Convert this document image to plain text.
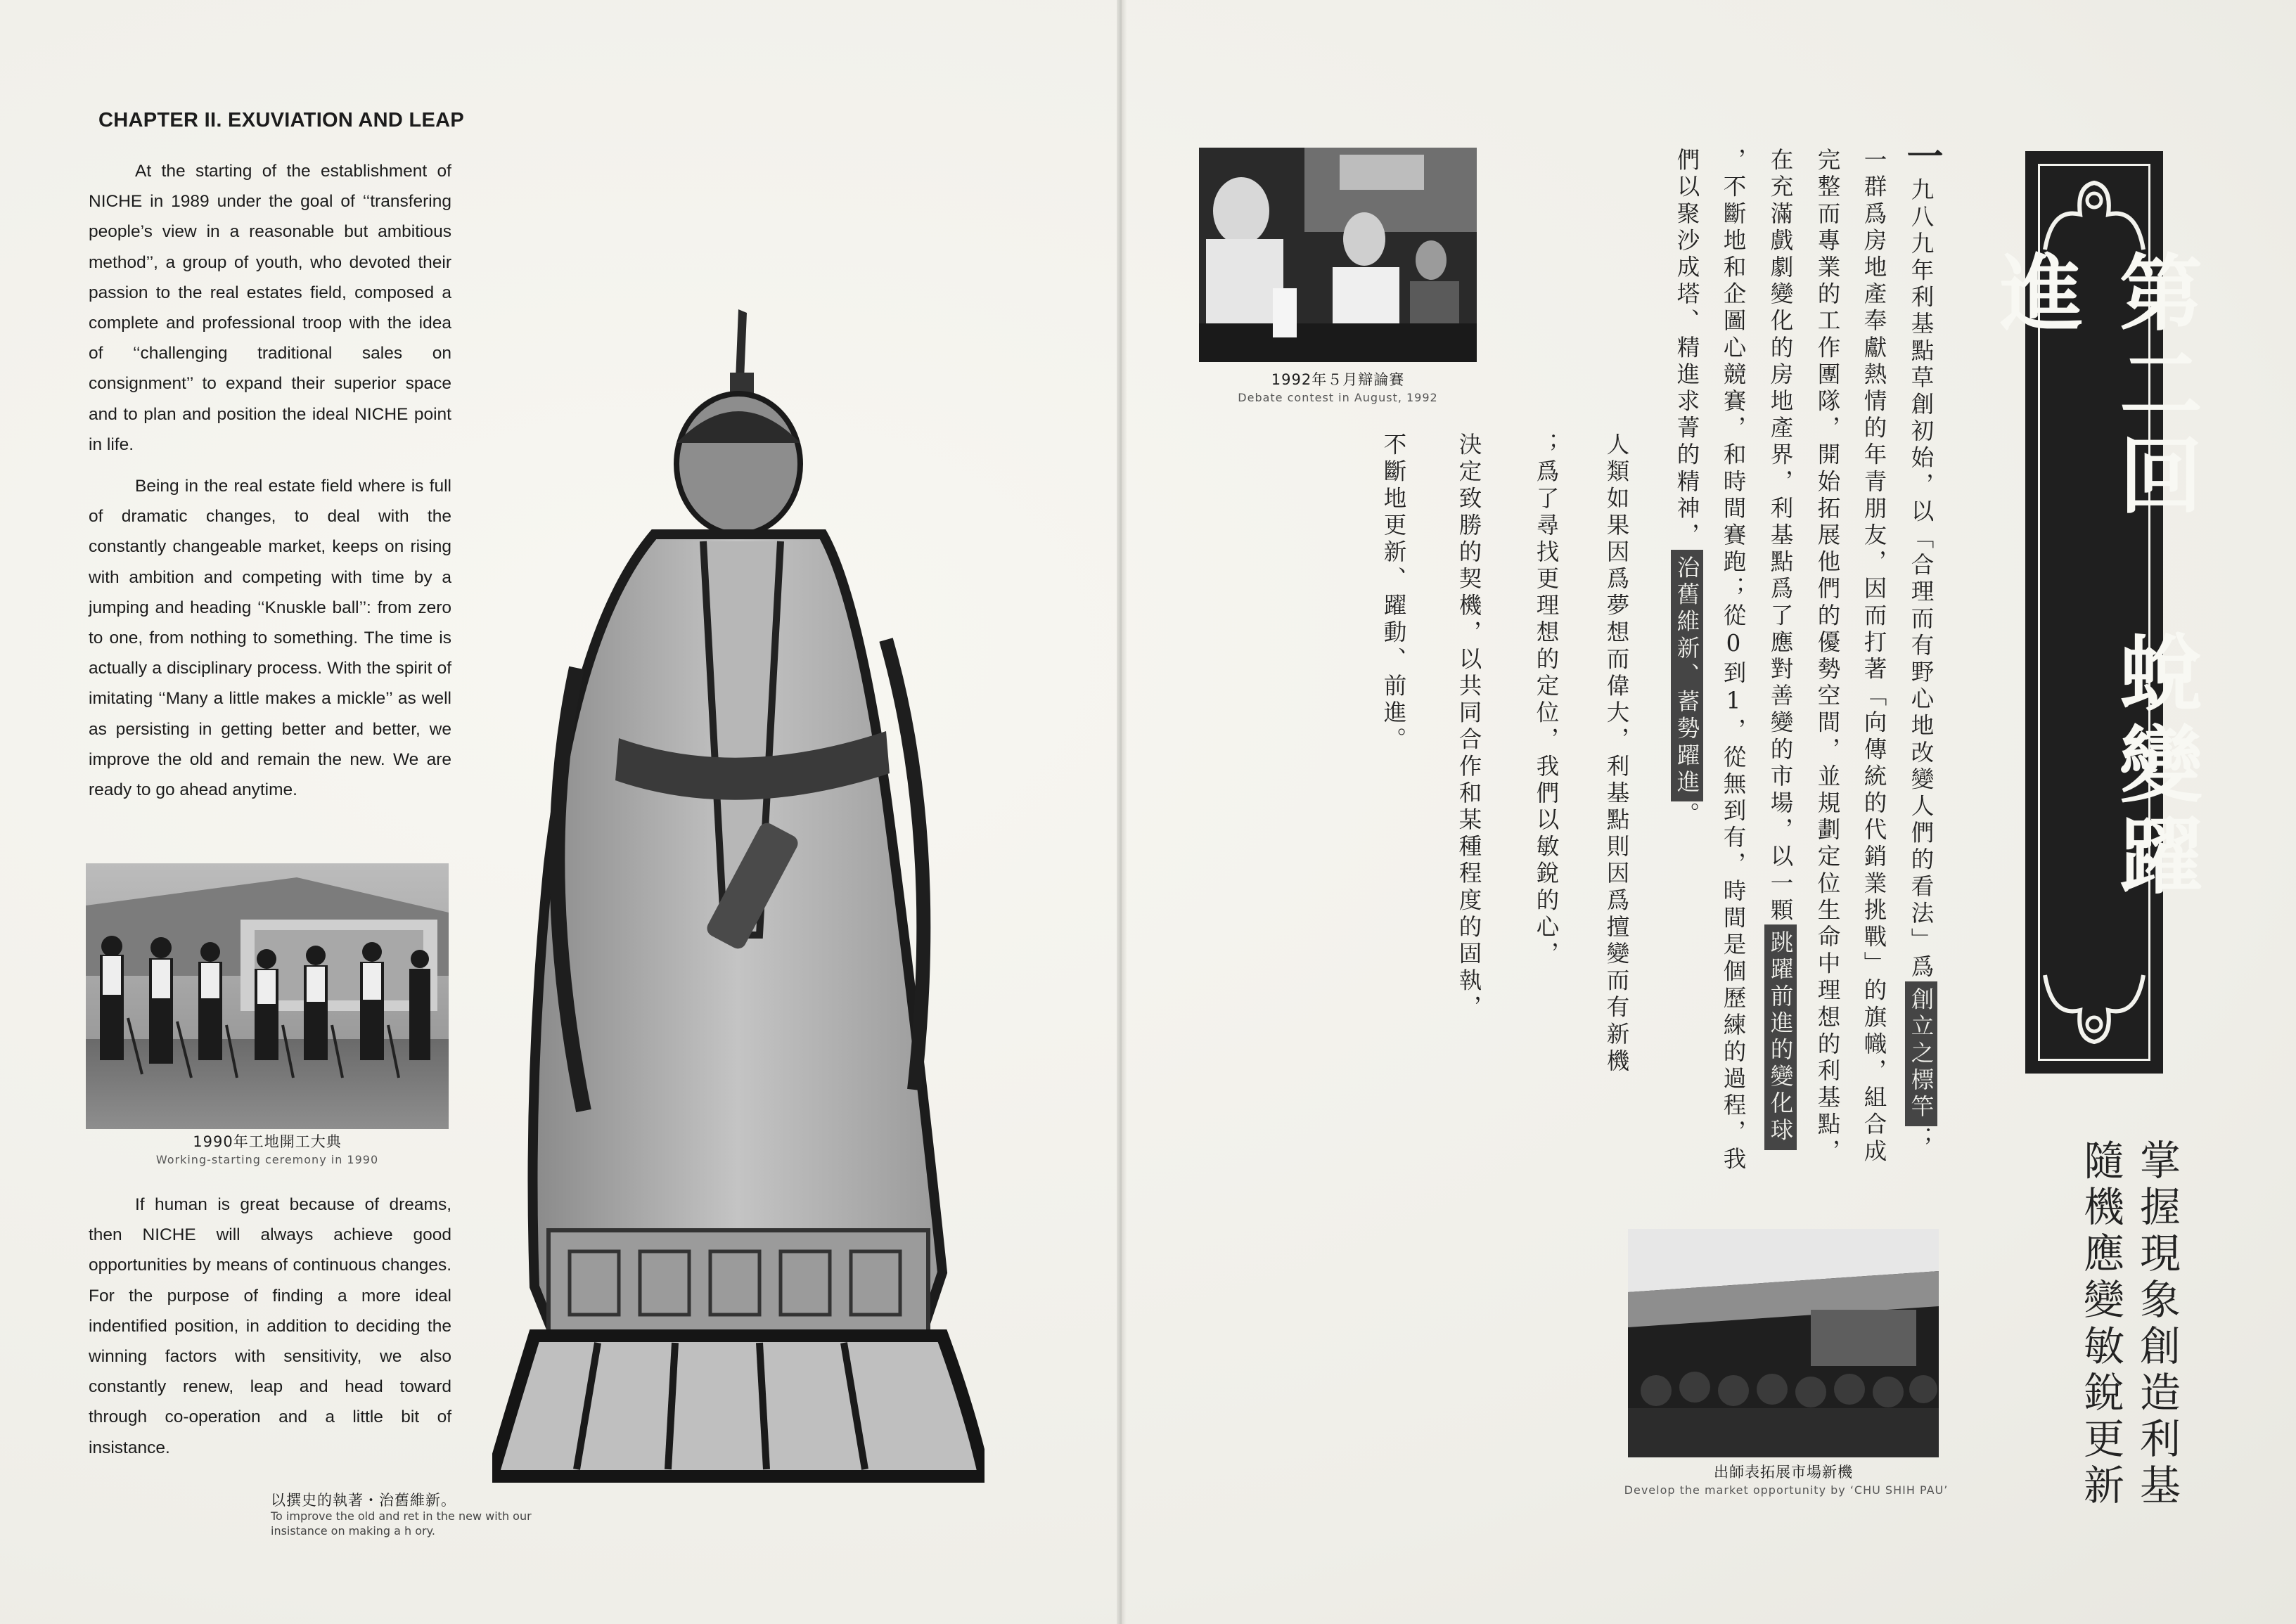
CHAPTER II. EXUVIATION AND LEAP

At the starting of the establishment of NICHE in 1989 under the goal of ‘‘transfering people’s view in a reasonable but ambitious method’’, a group of youth, who devoted their passion to the real estates field, composed a complete and professional troop with the idea of ‘‘challenging traditional sales on consignment’’ to expand their superior space and to plan and position the ideal NICHE point in life.

Being in the real estate field where is full of dramatic changes, to deal with the constantly changeable market, keeps on rising with ambition and competing with time by a jumping and heading ‘‘Knuskle ball’’: from zero to one, from nothing to something. The time is actually a disciplinary process. With the spirit of imitating ‘‘Many a little makes a mickle’’ as well as persisting in getting better and better, we improve the old and remain the new. We are ready to go ahead anytime.

1990年工地開工大典
Working-starting ceremony in 1990

If human is great because of dreams, then NICHE will always achieve good opportunities by means of continuous changes. For the purpose of finding a more ideal indentified position, in addition to deciding the winning factors with sensitivity, we also constantly renew, leap and head toward through co-operation and a little bit of insistance.

以撰史的執著・治舊維新。
To improve the old and ret in the new with our insistance on making a h ory.
1992年５月辯論賽
Debate contest in August, 1992
出師表拓展市場新機
Develop the market opportunity by ‘CHU SHIH PAU’
一九八九年利基點草創初始，以「合理而有野心地改變人們的看法」爲創立之標竿；
一群爲房地產奉獻熱情的年青朋友，因而打著「向傳統的代銷業挑戰」的旗幟，組合成
完整而專業的工作團隊，開始拓展他們的優勢空間，並規劃定位生命中理想的利基點，
在充滿戲劇變化的房地產界，利基點爲了應對善變的市場，以一顆跳躍前進的變化球
，不斷地和企圖心競賽，和時間賽跑；從0到1，從無到有，時間是個歷練的過程，我
們以聚沙成塔、精進求菁的精神，治舊維新、蓄勢躍進。
人類如果因爲夢想而偉大，利基點則因爲擅變而有新機
；爲了尋找更理想的定位，我們以敏銳的心，
決定致勝的契機，以共同合作和某種程度的固執，
不斷地更新、躍動、前進。	第二回 蛻變躍進
掌握現象創造利基
隨機應變敏銳更新
